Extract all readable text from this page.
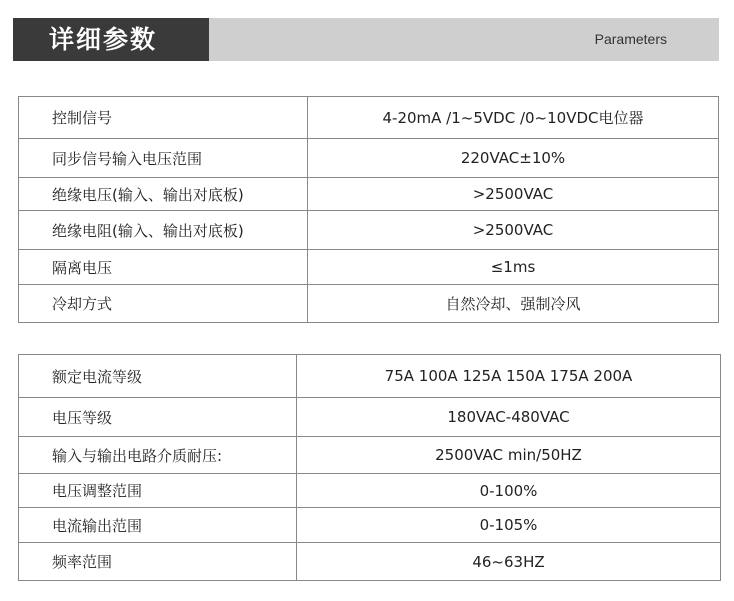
详细参数	Parameters
控制信号	4-20mA /1~5VDC /0~10VDC电位器
同步信号输入电压范围	220VAC±10%
绝缘电压(输入、输出对底板)	>2500VAC
绝缘电阻(输入、输出对底板)	>2500VAC
隔离电压	≤1ms
冷却方式	自然冷却、强制冷风
额定电流等级	75A 100A 125A 150A 175A 200A
电压等级	180VAC-480VAC
输入与输出电路介质耐压:	2500VAC min/50HZ
电压调整范围	0-100%
电流输出范围	0-105%
频率范围	46~63HZ
